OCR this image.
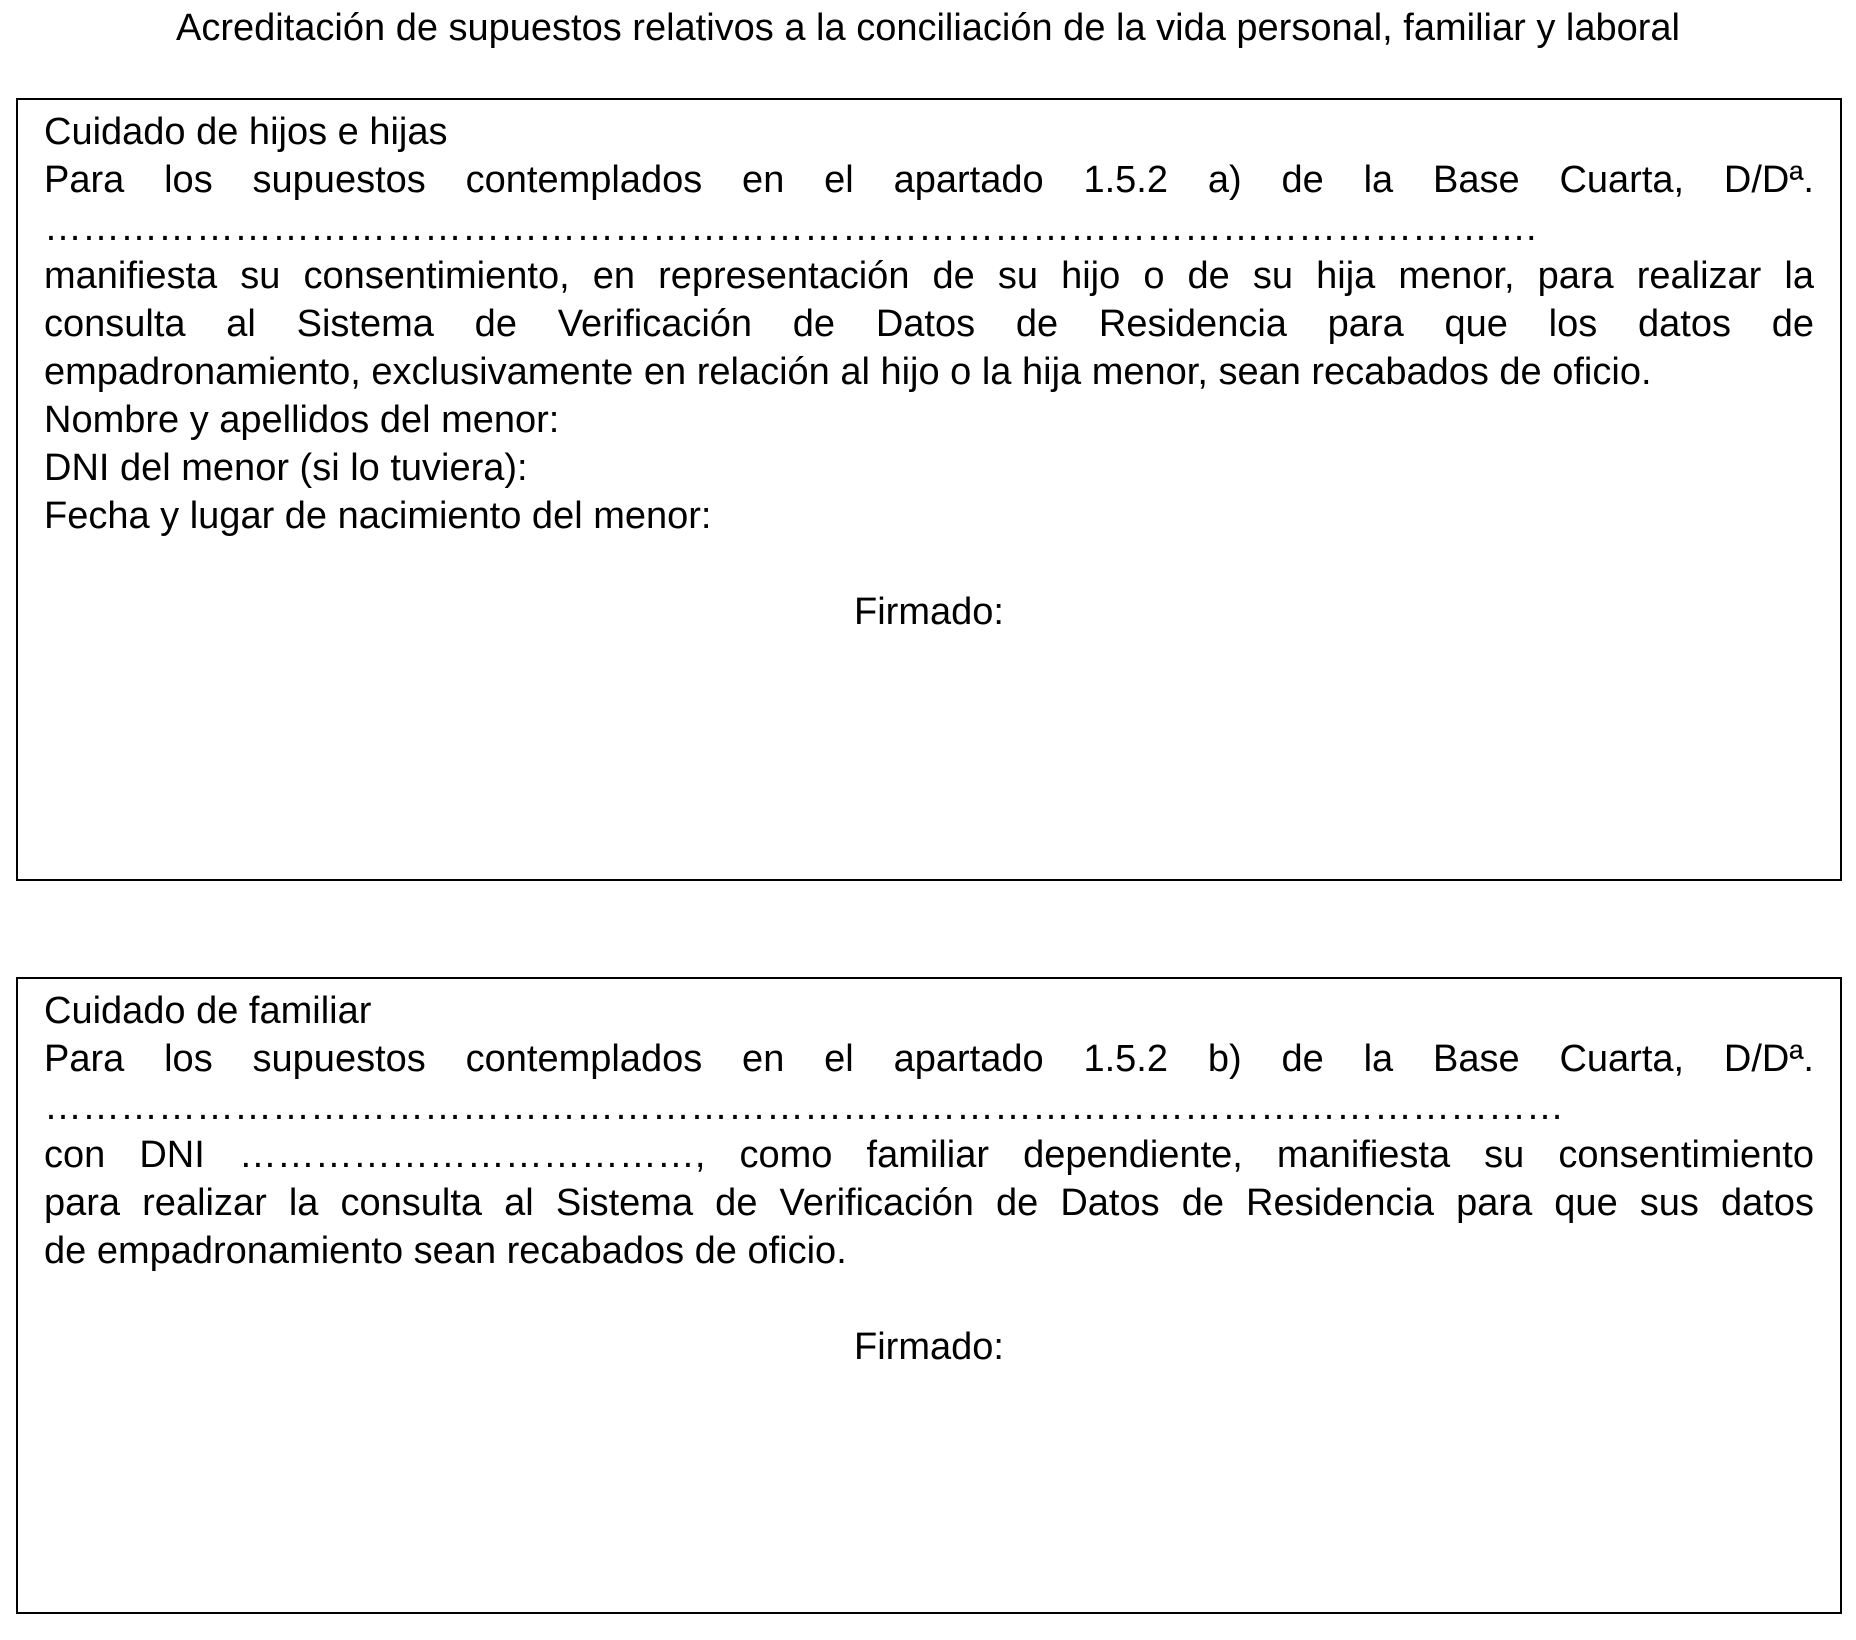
Acreditación de supuestos relativos a la conciliación de la vida personal, familiar y laboral
Cuidado de hijos e hijas
Para los supuestos contemplados en el apartado 1.5.2 a) de la Base Cuarta, D/Dª.
……………………………………………………………………………………………………….
manifiesta su consentimiento, en representación de su hijo o de su hija menor, para realizar la
consulta al Sistema de Verificación de Datos de Residencia para que los datos de
empadronamiento, exclusivamente en relación al hijo o la hija menor, sean recabados de oficio.
Nombre y apellidos del menor:
DNI del menor (si lo tuviera):
Fecha y lugar de nacimiento del menor:
Firmado:
Cuidado de familiar
Para los supuestos contemplados en el apartado 1.5.2 b) de la Base Cuarta, D/Dª.
…………………………………………………………………………………………………………
con DNI ………………………………, como familiar dependiente, manifiesta su consentimiento
para realizar la consulta al Sistema de Verificación de Datos de Residencia para que sus datos
de empadronamiento sean recabados de oficio.
Firmado:
